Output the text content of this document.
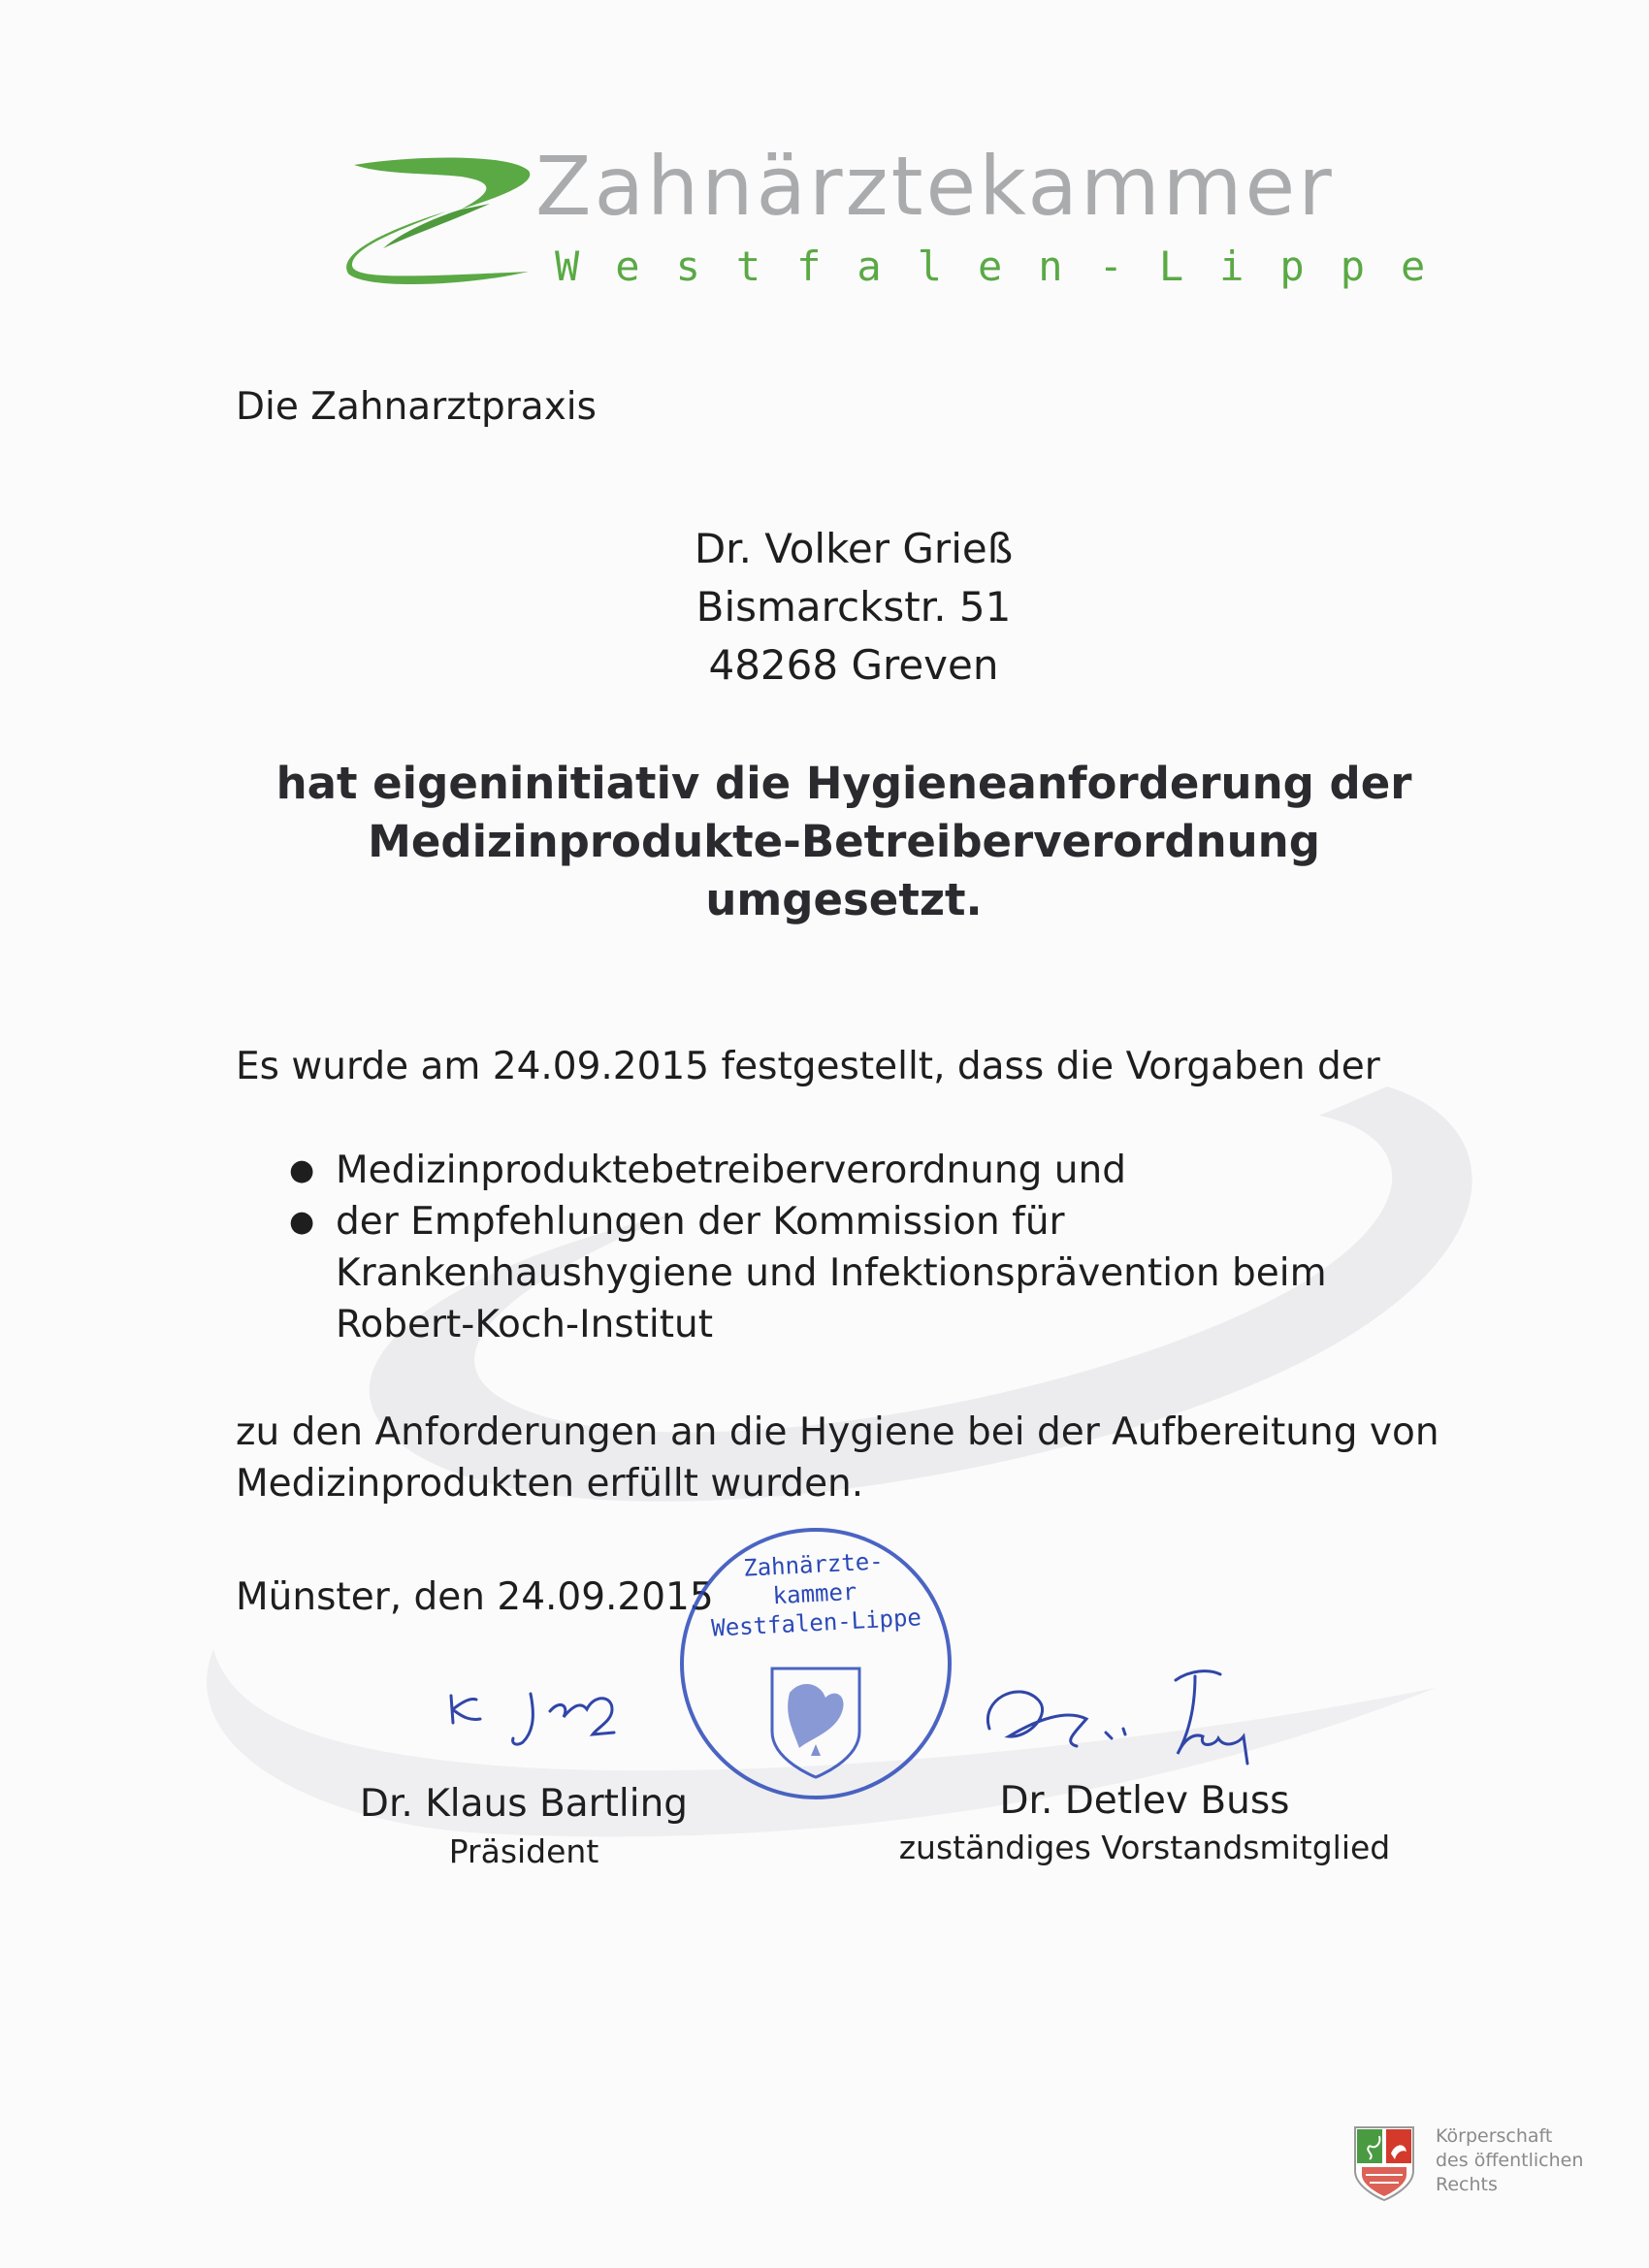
Zahnärztekammer
Westfalen-Lippe
Die Zahnarztpraxis
Dr. Volker Grieß
Bismarckstr. 51
48268 Greven
hat eigeninitiativ die Hygieneanforderung der
Medizinprodukte-Betreiberverordnung
umgesetzt.
Es wurde am 24.09.2015 festgestellt, dass die Vorgaben der
● Medizinproduktebetreiberverordnung und
● der Empfehlungen der Kommission für
Krankenhaushygiene und Infektionsprävention beim
Robert-Koch-Institut
zu den Anforderungen an die Hygiene bei der Aufbereitung von
Medizinprodukten erfüllt wurden.
Münster, den 24.09.2015
Zahnärzte-
kammer
Westfalen-Lippe
Dr. Klaus Bartling
Präsident
Dr. Detlev Buss
zuständiges Vorstandsmitglied
Körperschaft
des öffentlichen
Rechts
